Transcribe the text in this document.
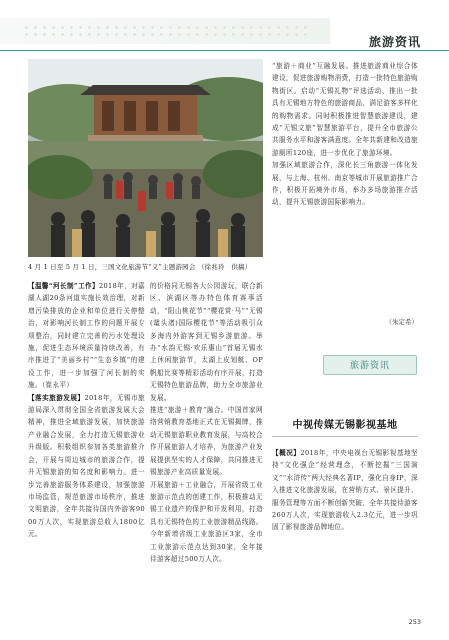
旅游资讯
4 月 1 日至 5 月 1 日，三国文化旅游节“义”主题游园会 （徐兆玲　供稿）

【温馨“河长制”工作】2018年，对嘉湖人湖20条河道实施长效治理，对新增污染排放的企业和单位进行关停整治，对影响河长制工作的问题开展专项整治，同时建立完善的污水处理设施，促进生态环境质量持续改善，有序推进了“美丽乡村”“生态乡镇”的建设工作，进一步加强了河长制的实施。（崔永平）

【落实旅游发展】2018年，无锡市旅游局深入贯彻全国全省旅游发展大会精神，推进全域旅游发展，加快旅游产业融合发展，全力打造无锡旅游业升级版。积极组织参加各类旅游推介会，开展与周边城市的旅游合作，提升无锡旅游的知名度和影响力。进一步完善旅游服务体系建设，加强旅游市场监管，规范旅游市场秩序，推进文明旅游，全年共接待国内外游客9000万人次，实现旅游总收入1800亿元。

的价格同无锡各大公园游玩，联合新区、滨湖区等办特色体育赛事活动，“阳山桃花节”“樱花赏·马”“无锡(鼋头渚)国际樱花节”等活动吸引众多海内外游客到无锡乡游旅游。举办“水韵无锡·欢乐惠山”首届无锡水上休闲旅游节，太湖上皮划艇、OP帆船比赛等精彩活动有序开展，打造无锡特色旅游品牌，助力全市旅游业发展。

推进“旅游＋教育”融合。中国首家网络营销教育基地正式在无锡揭牌，推动无锡旅游职业教育发展，与高校合作开展旅游人才培养，为旅游产业发展提供坚实的人才保障，共同推进无锡旅游产业高质量发展。

开展旅游＋工业融合，开展省级工业旅游示范点的创建工作，积极推动无锡工业遗产的保护和开发利用，打造具有无锡特色的工业旅游精品线路。今年新增省级工业旅游区3家，全市工业旅游示范点达到30家，全年接待游客超过500万人次。

“旅游＋商业”互融发展。推进旅游商业综合体建设，促进旅游购物消费，打造一批特色旅游购物街区。启动“无锡礼物”评选活动，推出一批具有无锡地方特色的旅游商品，满足游客多样化的购物需求。同时积极推进智慧旅游建设，建成“无锡文旅”智慧旅游平台，提升全市旅游公共服务水平和游客满意度。全年共新建和改造旅游厕所120座，进一步优化了旅游环境。

加强区域旅游合作，深化长三角旅游一体化发展，与上海、杭州、南京等城市开展旅游推广合作，积极开拓境外市场，举办多场旅游推介活动，提升无锡旅游国际影响力。

（朱定希）
旅游资讯
中视传媒无锡影视基地

【概况】2018年，中央电视台无锡影视基地坚持“文化强企”经营理念，不断挖掘“三国演义”“水浒传”两大经典名著IP，强化自身IP，深入推进文化旅游发展，在营销方式、景区提升、服务管理等方面不断创新突破，全年共接待游客260万人次，实现旅游收入2.3亿元，进一步巩固了影视旅游品牌地位。

253
